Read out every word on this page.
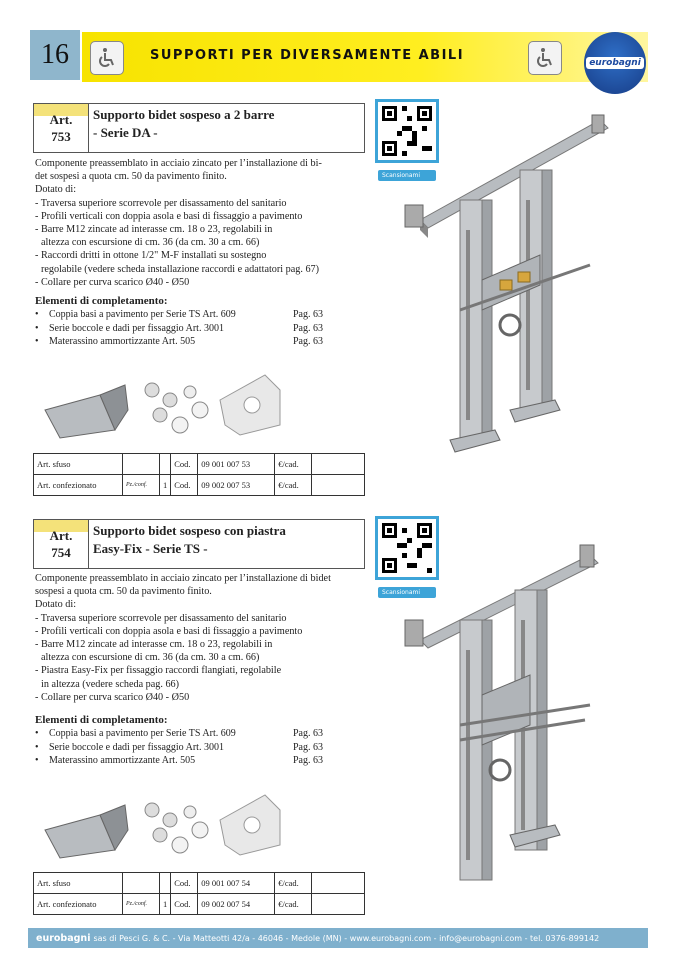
16	SUPPORTI PER DIVERSAMENTE ABILI	eurobagni
Art.
753
Supporto bidet sospeso a 2 barre
- Serie DA -
Scansionami
Componente preassemblato in acciaio zincato per l’installazione di bi-
det sospesi a quota cm. 50 da pavimento finito.
Dotato di:
- Traversa superiore scorrevole per disassamento del sanitario
- Profili verticali con doppia asola e basi di fissaggio a pavimento
- Barre M12 zincate ad interasse cm. 18 o 23, regolabili in
altezza con escursione di cm. 36 (da cm. 30 a cm. 66)
- Raccordi dritti in ottone 1/2" M-F installati su sostegno
regolabile (vedere scheda installazione raccordi e adattatori pag. 67)
- Collare per curva scarico Ø40 - Ø50
Elementi di completamento:
•	Coppia basi a pavimento per Serie TS Art. 609	Pag. 63
•	Serie boccole e dadi per fissaggio Art. 3001	Pag. 63
•	Materassino ammortizzante Art. 505	Pag. 63
Art. sfuso			Cod.	09 001 007 53	€/cad.	
Art. confezionato	Pz./conf.	1	Cod.	09 002 007 53	€/cad.	
Art.
754
Supporto bidet sospeso con piastra
Easy-Fix - Serie TS -
Scansionami
Componente preassemblato in acciaio zincato per l’installazione di bidet
sospesi a quota cm. 50 da pavimento finito.
Dotato di:
- Traversa superiore scorrevole per disassamento del sanitario
- Profili verticali con doppia asola e basi di fissaggio a pavimento
- Barre M12 zincate ad interasse cm. 18 o 23, regolabili in
altezza con escursione di cm. 36 (da cm. 30 a cm. 66)
- Piastra Easy-Fix per fissaggio raccordi flangiati, regolabile
in altezza (vedere scheda pag. 66)
- Collare per curva scarico Ø40 - Ø50
Elementi di completamento:
•	Coppia basi a pavimento per Serie TS Art. 609	Pag. 63
•	Serie boccole e dadi per fissaggio Art. 3001	Pag. 63
•	Materassino ammortizzante Art. 505	Pag. 63
Art. sfuso			Cod.	09 001 007 54	€/cad.	
Art. confezionato	Pz./conf.	1	Cod.	09 002 007 54	€/cad.	
eurobagni sas di Pesci G. & C. - Via Matteotti 42/a - 46046 - Medole (MN) - www.eurobagni.com - info@eurobagni.com - tel. 0376-899142
